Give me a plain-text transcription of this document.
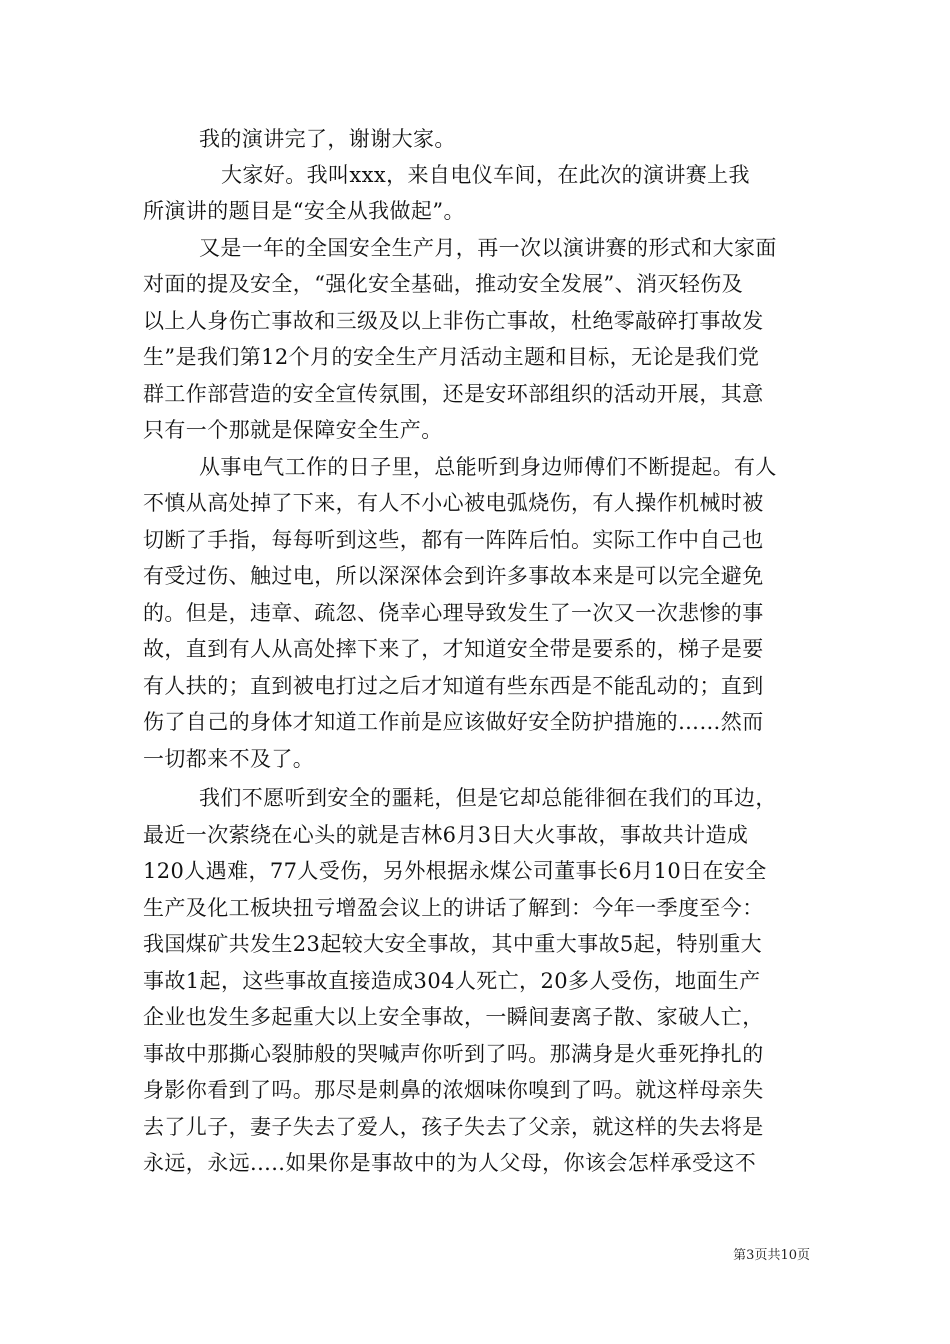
我的演讲完了，谢谢大家。
大家好。我叫xxx，来自电仪车间，在此次的演讲赛上我
所演讲的题目是“安全从我做起”。
又是一年的全国安全生产月，再一次以演讲赛的形式和大家面
对面的提及安全，“强化安全基础，推动安全发展”、消灭轻伤及
以上人身伤亡事故和三级及以上非伤亡事故，杜绝零敲碎打事故发
生”是我们第12个月的安全生产月活动主题和目标，无论是我们党
群工作部营造的安全宣传氛围，还是安环部组织的活动开展，其意
只有一个那就是保障安全生产。
从事电气工作的日子里，总能听到身边师傅们不断提起。有人
不慎从高处掉了下来，有人不小心被电弧烧伤，有人操作机械时被
切断了手指，每每听到这些，都有一阵阵后怕。实际工作中自己也
有受过伤、触过电，所以深深体会到许多事故本来是可以完全避免
的。但是，违章、疏忽、侥幸心理导致发生了一次又一次悲惨的事
故，直到有人从高处摔下来了，才知道安全带是要系的，梯子是要
有人扶的；直到被电打过之后才知道有些东西是不能乱动的；直到
伤了自己的身体才知道工作前是应该做好安全防护措施的……然而
一切都来不及了。
我们不愿听到安全的噩耗，但是它却总能徘徊在我们的耳边，
最近一次萦绕在心头的就是吉林6月3日大火事故，事故共计造成
120人遇难，77人受伤，另外根据永煤公司董事长6月10日在安全
生产及化工板块扭亏增盈会议上的讲话了解到：今年一季度至今：
我国煤矿共发生23起较大安全事故，其中重大事故5起，特别重大
事故1起，这些事故直接造成304人死亡，20多人受伤，地面生产
企业也发生多起重大以上安全事故，一瞬间妻离子散、家破人亡，
事故中那撕心裂肺般的哭喊声你听到了吗。那满身是火垂死挣扎的
身影你看到了吗。那尽是刺鼻的浓烟味你嗅到了吗。就这样母亲失
去了儿子，妻子失去了爱人，孩子失去了父亲，就这样的失去将是
永远，永远.....如果你是事故中的为人父母，你该会怎样承受这不
第3页共10页
